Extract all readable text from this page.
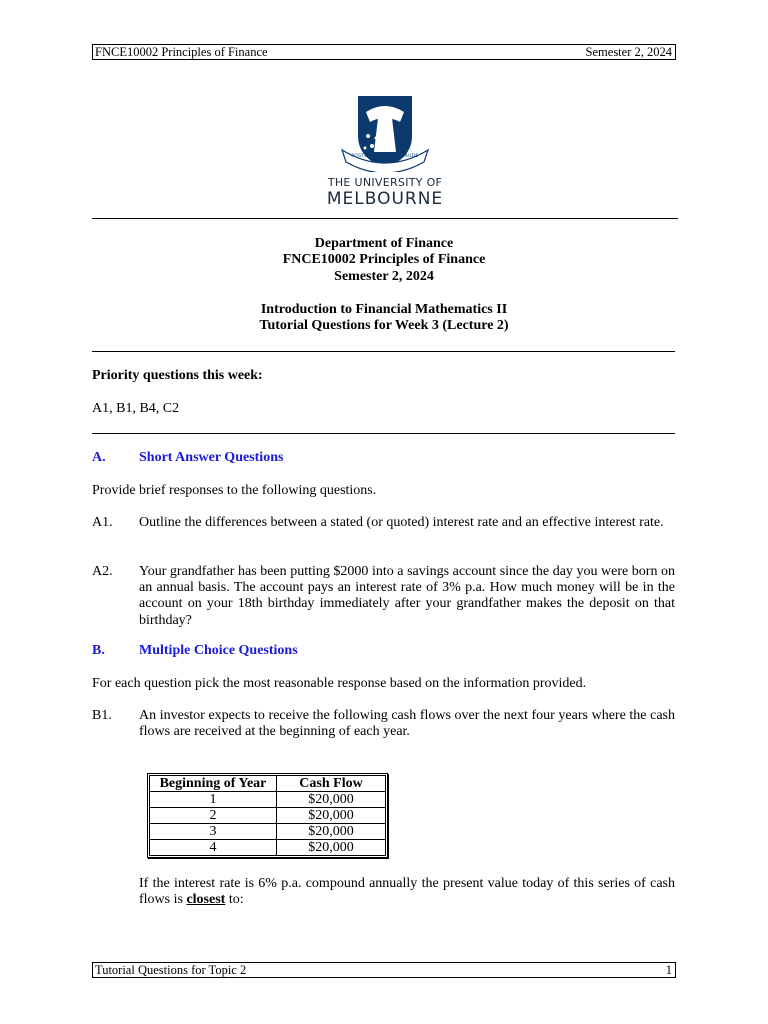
FNCE10002 Principles of Finance	Semester 2, 2024
POSTERA CRESCAM LAUDE
THE UNIVERSITY OF
MELBOURNE
Department of Finance
FNCE10002 Principles of Finance
Semester 2, 2024
Introduction to Financial Mathematics II
Tutorial Questions for Week 3 (Lecture 2)
Priority questions this week:
A1, B1, B4, C2
A. Short Answer Questions
Provide brief responses to the following questions.
A1. Outline the differences between a stated (or quoted) interest rate and an effective interest rate.
A2. Your grandfather has been putting $2000 into a savings account since the day you were born on an annual basis. The account pays an interest rate of 3% p.a. How much money will be in the account on your 18th birthday immediately after your grandfather makes the deposit on that birthday?
B. Multiple Choice Questions
For each question pick the most reasonable response based on the information provided.
B1. An investor expects to receive the following cash flows over the next four years where the cash flows are received at the beginning of each year.
Beginning of Year	Cash Flow
1	$20,000
2	$20,000
3	$20,000
4	$20,000
If the interest rate is 6% p.a. compound annually the present value today of this series of cash flows is closest to:
Tutorial Questions for Topic 2	1
